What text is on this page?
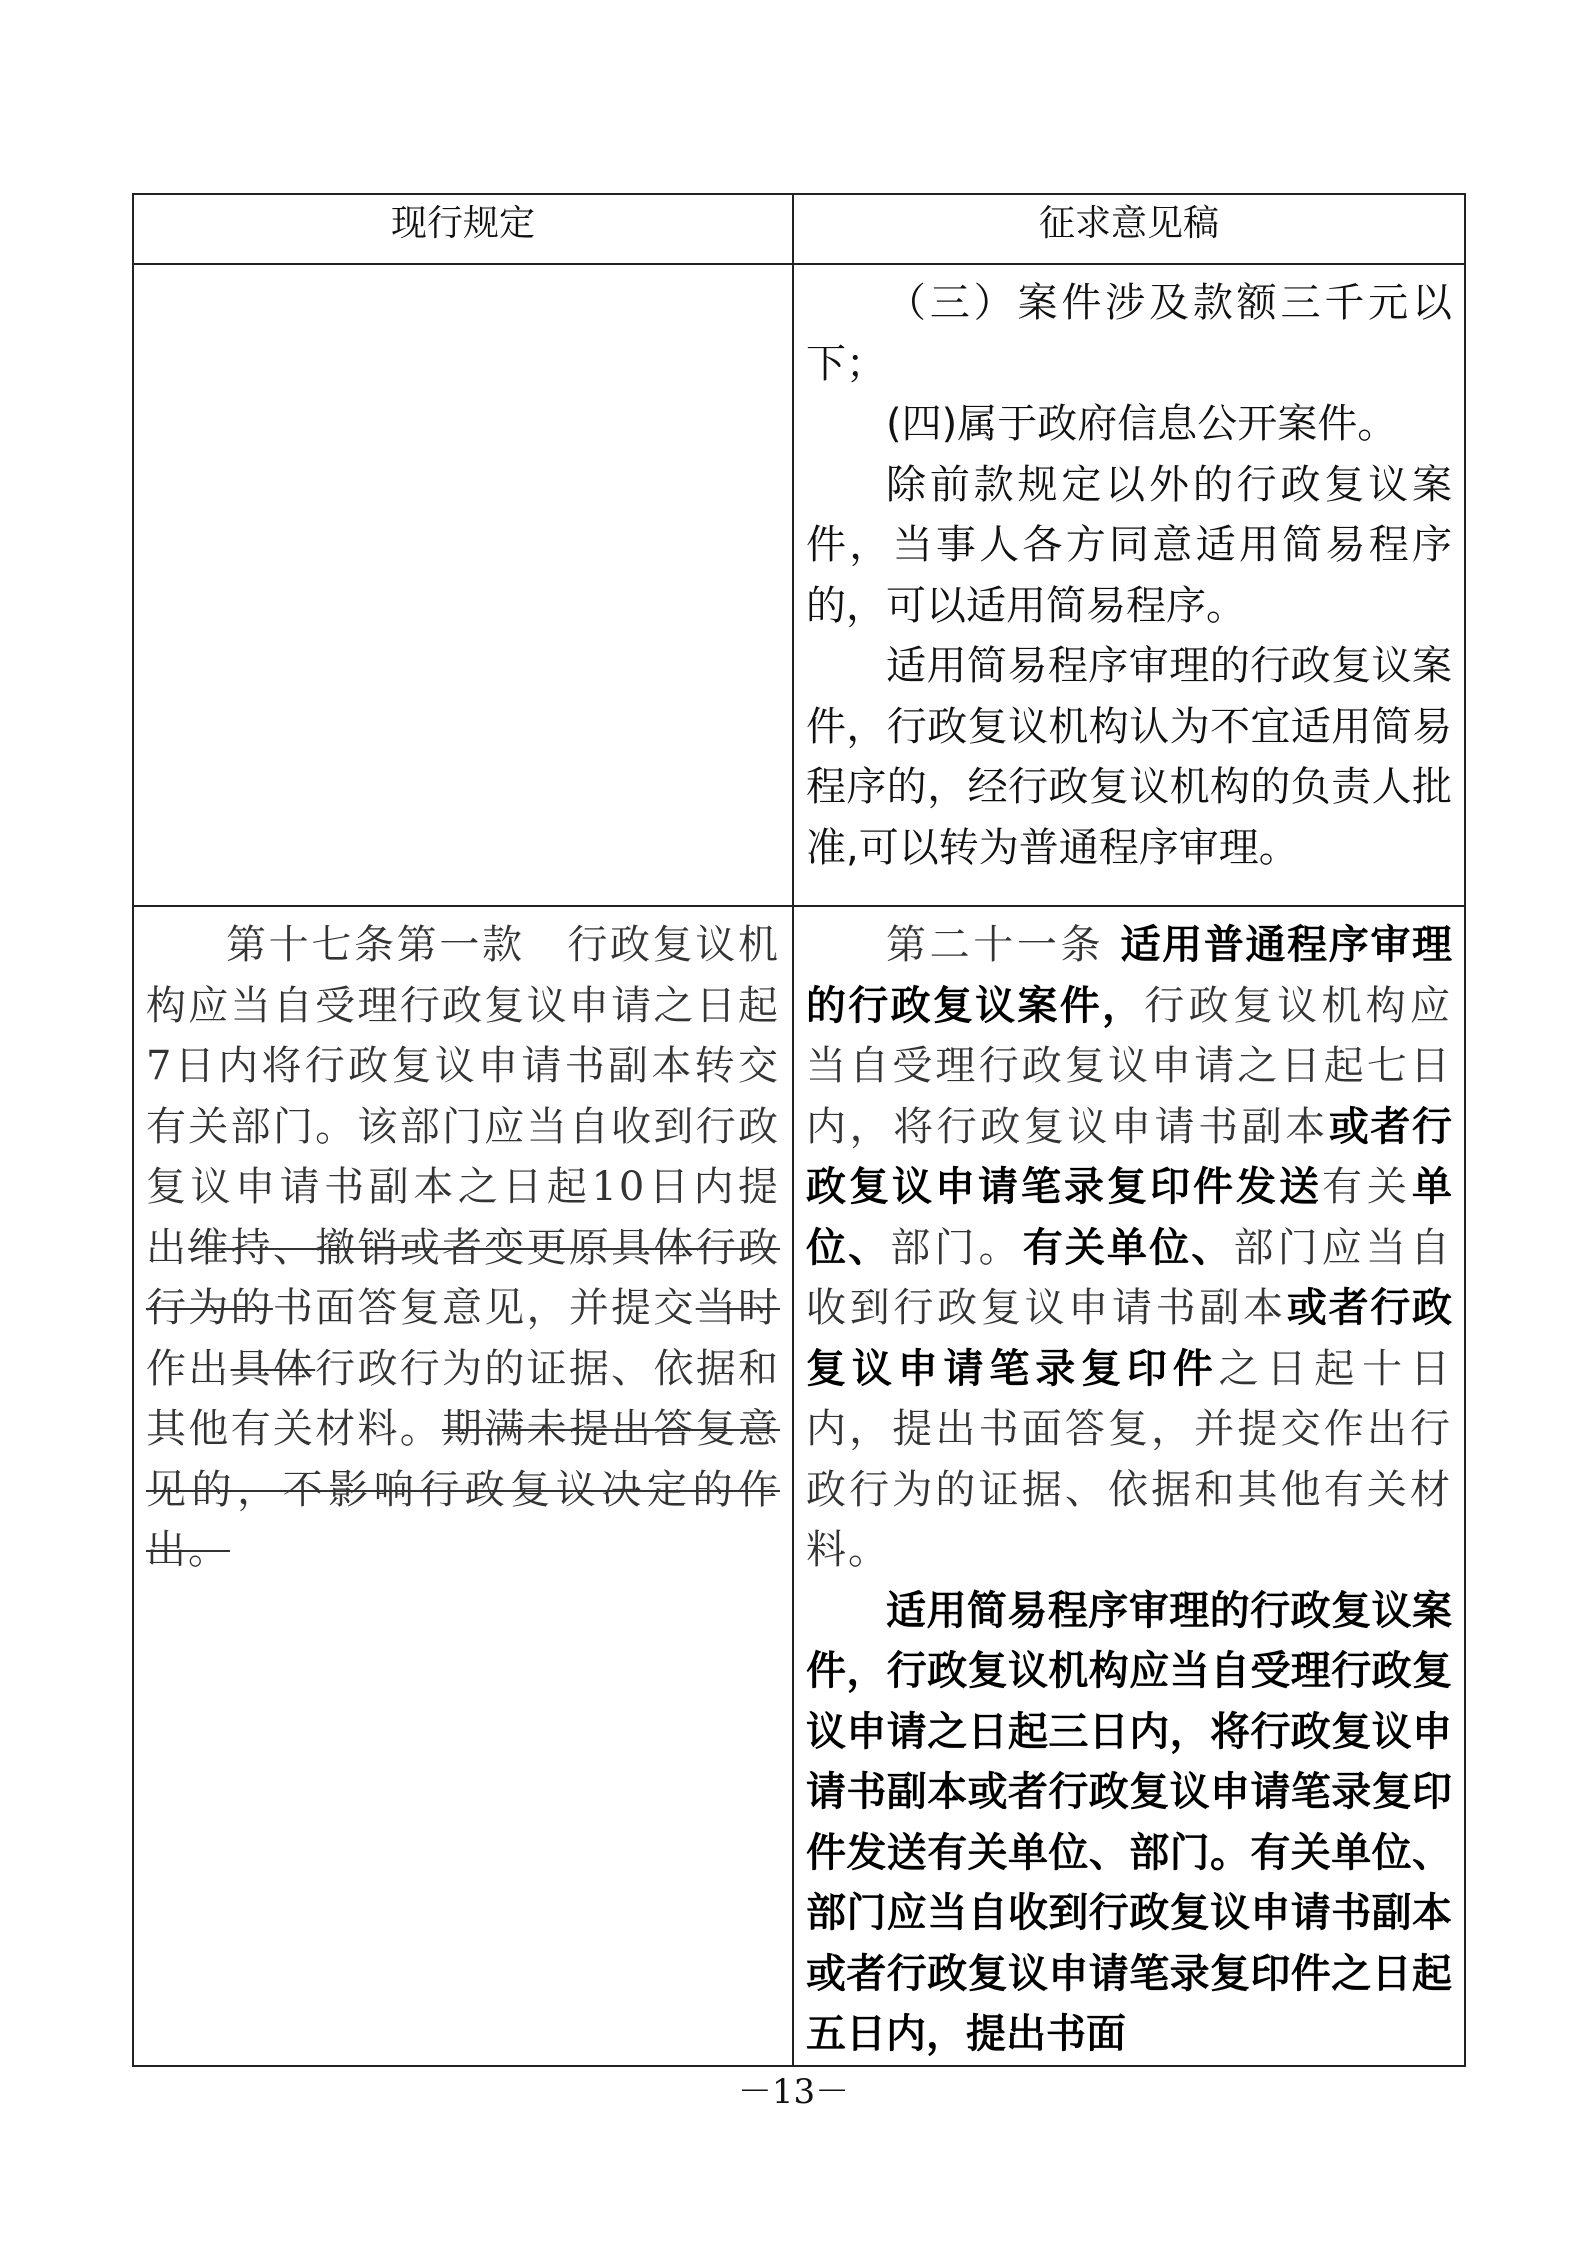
现行规定	征求意见稿

	（三）案件涉及款额三千元以下；

(四)属于政府信息公开案件。

除前款规定以外的行政复议案件，当事人各方同意适用简易程序的，可以适用简易程序。

适用简易程序审理的行政复议案件，行政复议机构认为不宜适用简易程序的，经行政复议机构的负责人批准,可以转为普通程序审理。

第十七条第一款　行政复议机构应当自受理行政复议申请之日起7日内将行政复议申请书副本转交有关部门。该部门应当自收到行政复议申请书副本之日起10日内提出维持、撤销或者变更原具体行政行为的书面答复意见，并提交当时作出具体行政行为的证据、依据和其他有关材料。期满未提出答复意见的，不影响行政复议决定的作出。	第二十一条 适用普通程序审理的行政复议案件，行政复议机构应当自受理行政复议申请之日起七日内，将行政复议申请书副本或者行政复议申请笔录复印件发送有关单位、部门。有关单位、部门应当自收到行政复议申请书副本或者行政复议申请笔录复印件之日起十日内，提出书面答复，并提交作出行政行为的证据、依据和其他有关材料。

适用简易程序审理的行政复议案件，行政复议机构应当自受理行政复议申请之日起三日内，将行政复议申请书副本或者行政复议申请笔录复印件发送有关单位、部门。有关单位、部门应当自收到行政复议申请书副本或者行政复议申请笔录复印件之日起五日内，提出书面

－13－
